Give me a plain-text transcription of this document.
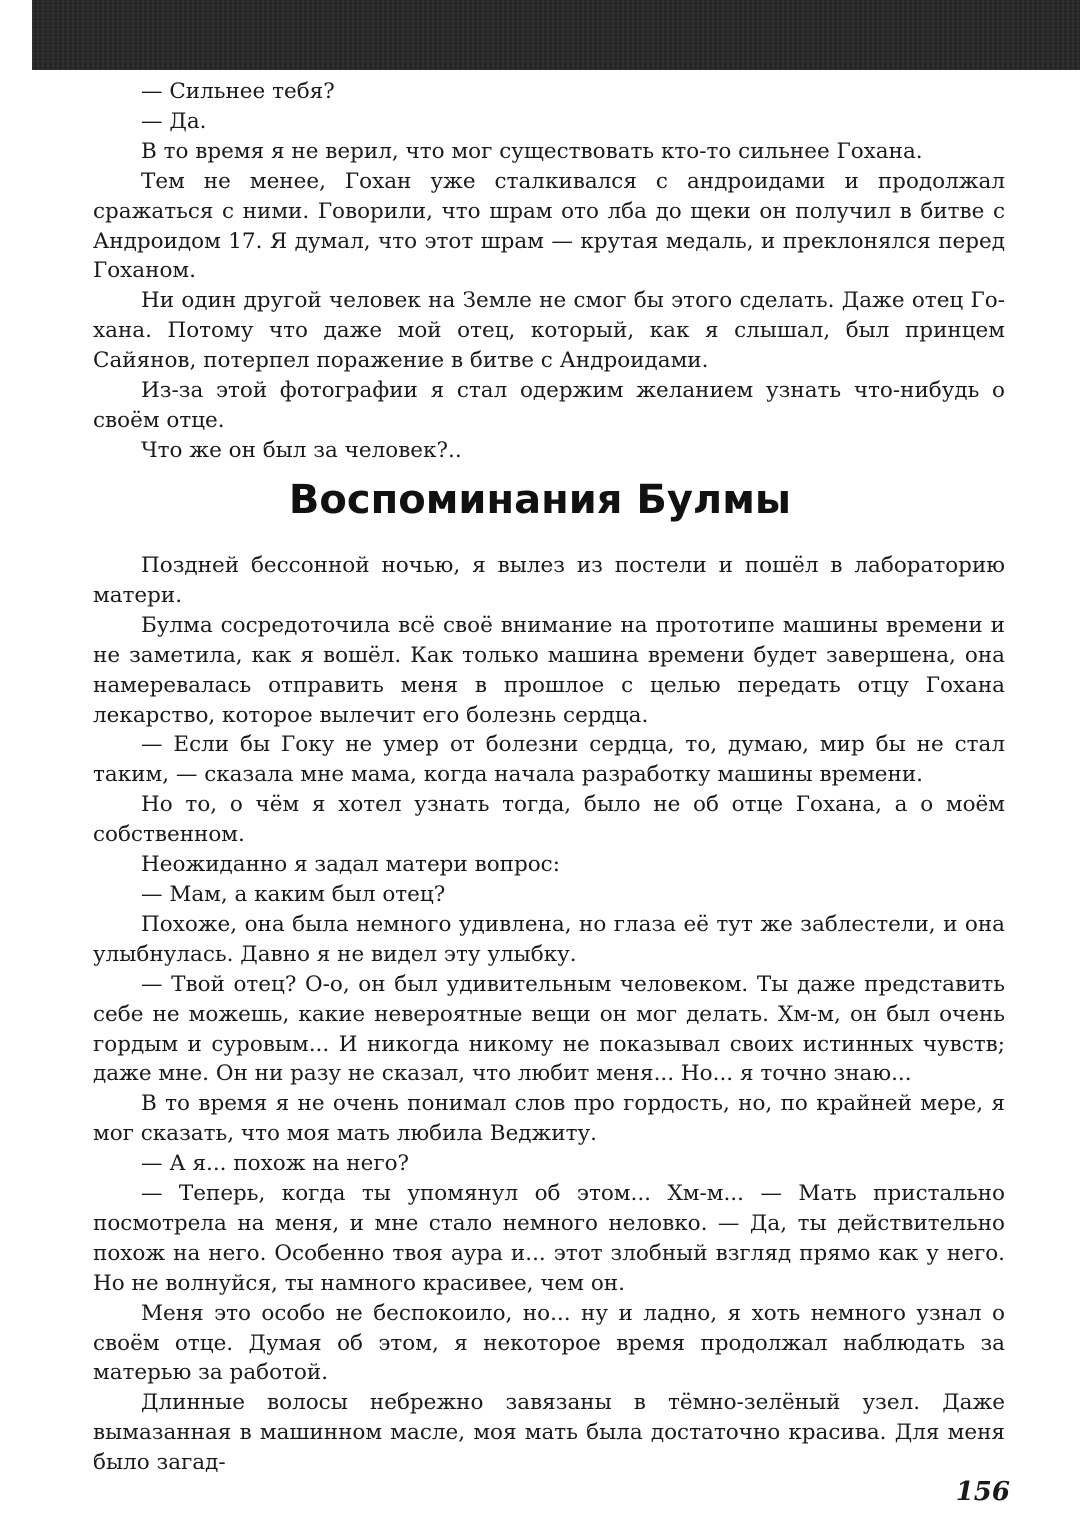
— Сильнее тебя?

— Да.

В то время я не верил, что мог существовать кто-то сильнее Гохана.

Тем не менее, Гохан уже сталкивался с андроидами и продолжал сражаться с ними. Говорили, что шрам ото лба до щеки он получил в битве с Андроидом 17. Я думал, что этот шрам — крутая медаль, и преклонялся перед Гоханом.

Ни один другой человек на Земле не смог бы этого сделать. Даже отец Гохана. Потому что даже мой отец, который, как я слышал, был принцем Сайянов, потерпел поражение в битве с Андроидами.

Из-за этой фотографии я стал одержим желанием узнать что-нибудь о своём отце.

Что же он был за человек?..

Воспоминания Булмы

Поздней бессонной ночью, я вылез из постели и пошёл в лабораторию матери.

Булма сосредоточила всё своё внимание на прототипе машины времени и не заметила, как я вошёл. Как только машина времени будет завершена, она намеревалась отправить меня в прошлое с целью передать отцу Гохана лекарство, которое вылечит его болезнь сердца.

— Если бы Гоку не умер от болезни сердца, то, думаю, мир бы не стал таким, — сказала мне мама, когда начала разработку машины времени.

Но то, о чём я хотел узнать тогда, было не об отце Гохана, а о моём собственном.

Неожиданно я задал матери вопрос:

— Мам, а каким был отец?

Похоже, она была немного удивлена, но глаза её тут же заблестели, и она улыбнулась. Давно я не видел эту улыбку.

— Твой отец? О-о, он был удивительным человеком. Ты даже представить себе не можешь, какие невероятные вещи он мог делать. Хм-м, он был очень гордым и суровым... И никогда никому не показывал своих истинных чувств; даже мне. Он ни разу не сказал, что любит меня... Но... я точно знаю...

В то время я не очень понимал слов про гордость, но, по крайней мере, я мог сказать, что моя мать любила Веджиту.

— А я... похож на него?

— Теперь, когда ты упомянул об этом... Хм-м... — Мать пристально посмотрела на меня, и мне стало немного неловко. — Да, ты действительно похож на него. Особенно твоя аура и... этот злобный взгляд прямо как у него. Но не волнуйся, ты намного красивее, чем он.

Меня это особо не беспокоило, но... ну и ладно, я хоть немного узнал о своём отце. Думая об этом, я некоторое время продолжал наблюдать за матерью за работой.

Длинные волосы небрежно завязаны в тёмно-зелёный узел. Даже вымазанная в машинном масле, моя мать была достаточно красива. Для меня было загад-

156
